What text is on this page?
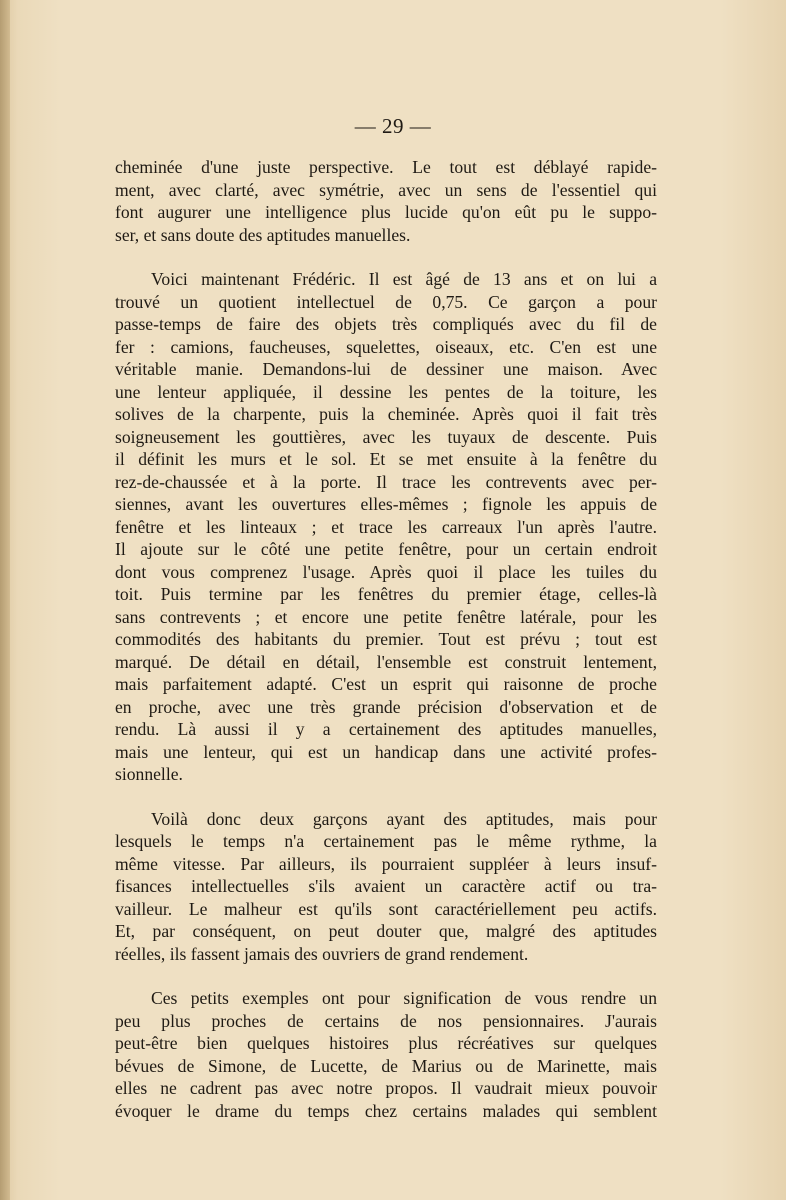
— 29 —
cheminée d'une juste perspective. Le tout est déblayé rapide-
ment, avec clarté, avec symétrie, avec un sens de l'essentiel qui
font augurer une intelligence plus lucide qu'on eût pu le suppo-
ser, et sans doute des aptitudes manuelles.
Voici maintenant Frédéric. Il est âgé de 13 ans et on lui a
trouvé un quotient intellectuel de 0,75. Ce garçon a pour
passe-temps de faire des objets très compliqués avec du fil de
fer : camions, faucheuses, squelettes, oiseaux, etc. C'en est une
véritable manie. Demandons-lui de dessiner une maison. Avec
une lenteur appliquée, il dessine les pentes de la toiture, les
solives de la charpente, puis la cheminée. Après quoi il fait très
soigneusement les gouttières, avec les tuyaux de descente. Puis
il définit les murs et le sol. Et se met ensuite à la fenêtre du
rez-de-chaussée et à la porte. Il trace les contrevents avec per-
siennes, avant les ouvertures elles-mêmes ; fignole les appuis de
fenêtre et les linteaux ; et trace les carreaux l'un après l'autre.
Il ajoute sur le côté une petite fenêtre, pour un certain endroit
dont vous comprenez l'usage. Après quoi il place les tuiles du
toit. Puis termine par les fenêtres du premier étage, celles-là
sans contrevents ; et encore une petite fenêtre latérale, pour les
commodités des habitants du premier. Tout est prévu ; tout est
marqué. De détail en détail, l'ensemble est construit lentement,
mais parfaitement adapté. C'est un esprit qui raisonne de proche
en proche, avec une très grande précision d'observation et de
rendu. Là aussi il y a certainement des aptitudes manuelles,
mais une lenteur, qui est un handicap dans une activité profes-
sionnelle.
Voilà donc deux garçons ayant des aptitudes, mais pour
lesquels le temps n'a certainement pas le même rythme, la
même vitesse. Par ailleurs, ils pourraient suppléer à leurs insuf-
fisances intellectuelles s'ils avaient un caractère actif ou tra-
vailleur. Le malheur est qu'ils sont caractériellement peu actifs.
Et, par conséquent, on peut douter que, malgré des aptitudes
réelles, ils fassent jamais des ouvriers de grand rendement.
Ces petits exemples ont pour signification de vous rendre un
peu plus proches de certains de nos pensionnaires. J'aurais
peut-être bien quelques histoires plus récréatives sur quelques
bévues de Simone, de Lucette, de Marius ou de Marinette, mais
elles ne cadrent pas avec notre propos. Il vaudrait mieux pouvoir
évoquer le drame du temps chez certains malades qui semblent
